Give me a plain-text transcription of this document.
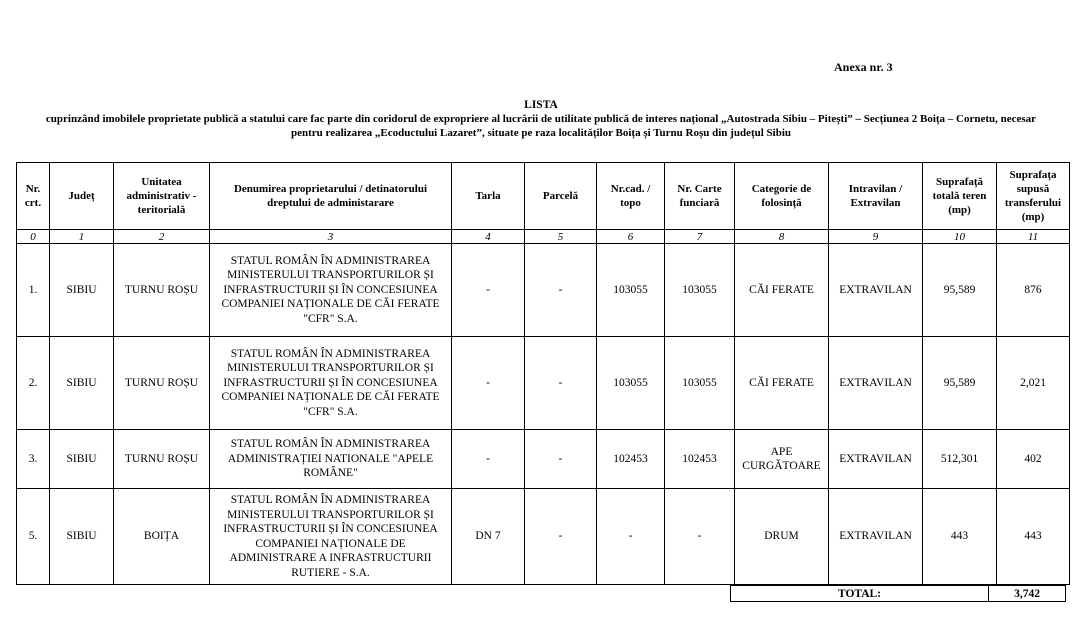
Anexa nr. 3
LISTA
cuprinzând imobilele proprietate publică a statului care fac parte din coridorul de expropriere al lucrării de utilitate publică de interes național „Autostrada Sibiu – Pitești” – Secțiunea 2 Boița – Cornetu, necesar
pentru realizarea „Ecoductului Lazaret”, situate pe raza localităților Boița și Turnu Roșu din județul Sibiu
Nr. crt.	Județ	Unitatea administrativ - teritorială	Denumirea proprietarului / detinatorului dreptului de administarare	Tarla	Parcelă	Nr.cad. / topo	Nr. Carte funciară	Categorie de folosință	Intravilan / Extravilan	Suprafață totală teren (mp)	Suprafața supusă transferului (mp)
0	1	2	3	4	5	6	7	8	9	10	11
1.	SIBIU	TURNU ROȘU	STATUL ROMÂN ÎN ADMINISTRAREA MINISTERULUI TRANSPORTURILOR ȘI INFRASTRUCTURII ȘI ÎN CONCESIUNEA COMPANIEI NAȚIONALE DE CĂI FERATE "CFR" S.A.	-	-	103055	103055	CĂI FERATE	EXTRAVILAN	95,589	876
2.	SIBIU	TURNU ROȘU	STATUL ROMÂN ÎN ADMINISTRAREA MINISTERULUI TRANSPORTURILOR ȘI INFRASTRUCTURII ȘI ÎN CONCESIUNEA COMPANIEI NAȚIONALE DE CĂI FERATE "CFR" S.A.	-	-	103055	103055	CĂI FERATE	EXTRAVILAN	95,589	2,021
3.	SIBIU	TURNU ROȘU	STATUL ROMÂN ÎN ADMINISTRAREA ADMINISTRAȚIEI NATIONALE "APELE ROMÂNE"	-	-	102453	102453	APE CURGĂTOARE	EXTRAVILAN	512,301	402
5.	SIBIU	BOIȚA	STATUL ROMÂN ÎN ADMINISTRAREA MINISTERULUI TRANSPORTURILOR ȘI INFRASTRUCTURII ȘI ÎN CONCESIUNEA COMPANIEI NAȚIONALE DE ADMINISTRARE A INFRASTRUCTURII RUTIERE - S.A.	DN 7	-	-	-	DRUM	EXTRAVILAN	443	443
TOTAL:	3,742
